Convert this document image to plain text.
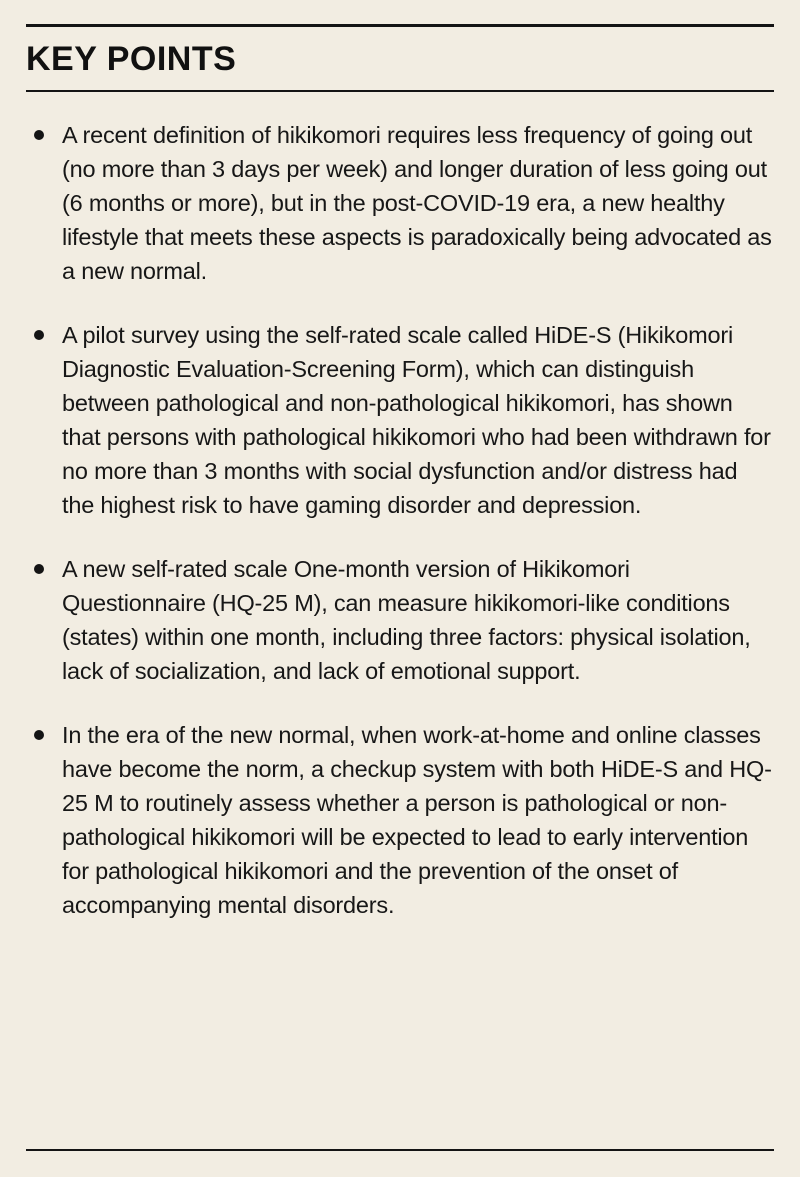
KEY POINTS
A recent definition of hikikomori requires less frequency of going out (no more than 3 days per week) and longer duration of less going out (6 months or more), but in the post-COVID-19 era, a new healthy lifestyle that meets these aspects is paradoxically being advocated as a new normal.
A pilot survey using the self-rated scale called HiDE-S (Hikikomori Diagnostic Evaluation-Screening Form), which can distinguish between pathological and non-pathological hikikomori, has shown that persons with pathological hikikomori who had been withdrawn for no more than 3 months with social dysfunction and/or distress had the highest risk to have gaming disorder and depression.
A new self-rated scale One-month version of Hikikomori Questionnaire (HQ-25 M), can measure hikikomori-like conditions (states) within one month, including three factors: physical isolation, lack of socialization, and lack of emotional support.
In the era of the new normal, when work-at-home and online classes have become the norm, a checkup system with both HiDE-S and HQ-25 M to routinely assess whether a person is pathological or non-pathological hikikomori will be expected to lead to early intervention for pathological hikikomori and the prevention of the onset of accompanying mental disorders.
